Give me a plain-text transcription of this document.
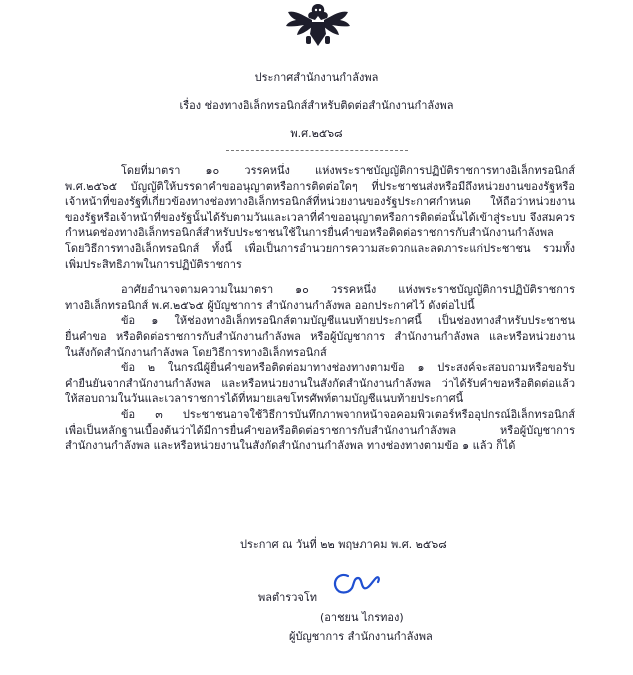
ประกาศสำนักงานกำลังพล
เรื่อง ช่องทางอิเล็กทรอนิกส์สำหรับติดต่อสำนักงานกำลังพล
พ.ศ.๒๕๖๘
โดยที่มาตรา ๑๐ วรรคหนึ่ง แห่งพระราชบัญญัติการปฏิบัติราชการทางอิเล็กทรอนิกส์
พ.ศ.๒๕๖๕ บัญญัติให้บรรดาคำขออนุญาตหรือการติดต่อใดๆ ที่ประชาชนส่งหรือมีถึงหน่วยงานของรัฐหรือ
เจ้าหน้าที่ของรัฐที่เกี่ยวข้องทางช่องทางอิเล็กทรอนิกส์ที่หน่วยงานของรัฐประกาศกำหนด ให้ถือว่าหน่วยงาน
ของรัฐหรือเจ้าหน้าที่ของรัฐนั้นได้รับตามวันและเวลาที่คำขออนุญาตหรือการติดต่อนั้นได้เข้าสู่ระบบ จึงสมควร
กำหนดช่องทางอิเล็กทรอนิกส์สำหรับประชาชนใช้ในการยื่นคำขอหรือติดต่อราชการกับสำนักงานกำลังพล
โดยวิธีการทางอิเล็กทรอนิกส์ ทั้งนี้ เพื่อเป็นการอำนวยการความสะดวกและลดภาระแก่ประชาชน รวมทั้ง
เพิ่มประสิทธิภาพในการปฏิบัติราชการ
อาศัยอำนาจตามความในมาตรา ๑๐ วรรคหนึ่ง แห่งพระราชบัญญัติการปฏิบัติราชการ
ทางอิเล็กทรอนิกส์ พ.ศ.๒๕๖๕ ผู้บัญชาการ สำนักงานกำลังพล ออกประกาศไว้ ดังต่อไปนี้
ข้อ ๑ ให้ช่องทางอิเล็กทรอนิกส์ตามบัญชีแนบท้ายประกาศนี้ เป็นช่องทางสำหรับประชาชน
ยื่นคำขอ หรือติดต่อราชการกับสำนักงานกำลังพล หรือผู้บัญชาการ สำนักงานกำลังพล และหรือหน่วยงาน
ในสังกัดสำนักงานกำลังพล โดยวิธีการทางอิเล็กทรอนิกส์
ข้อ ๒ ในกรณีผู้ยื่นคำขอหรือติดต่อมาทางช่องทางตามข้อ ๑ ประสงค์จะสอบถามหรือขอรับ
คำยืนยันจากสำนักงานกำลังพล และหรือหน่วยงานในสังกัดสำนักงานกำลังพล ว่าได้รับคำขอหรือติดต่อแล้ว
ให้สอบถามในวันและเวลาราชการได้ที่หมายเลขโทรศัพท์ตามบัญชีแนบท้ายประกาศนี้
ข้อ ๓ ประชาชนอาจใช้วิธีการบันทึกภาพจากหน้าจอคอมพิวเตอร์หรืออุปกรณ์อิเล็กทรอนิกส์
เพื่อเป็นหลักฐานเบื้องต้นว่าได้มีการยื่นคำขอหรือติดต่อราชการกับสำนักงานกำลังพล หรือผู้บัญชาการ
สำนักงานกำลังพล และหรือหน่วยงานในสังกัดสำนักงานกำลังพล ทางช่องทางตามข้อ ๑ แล้ว ก็ได้
ประกาศ ณ วันที่ ๒๒ พฤษภาคม พ.ศ. ๒๕๖๘
พลตำรวจโท
(อาชยน ไกรทอง)
ผู้บัญชาการ สำนักงานกำลังพล
